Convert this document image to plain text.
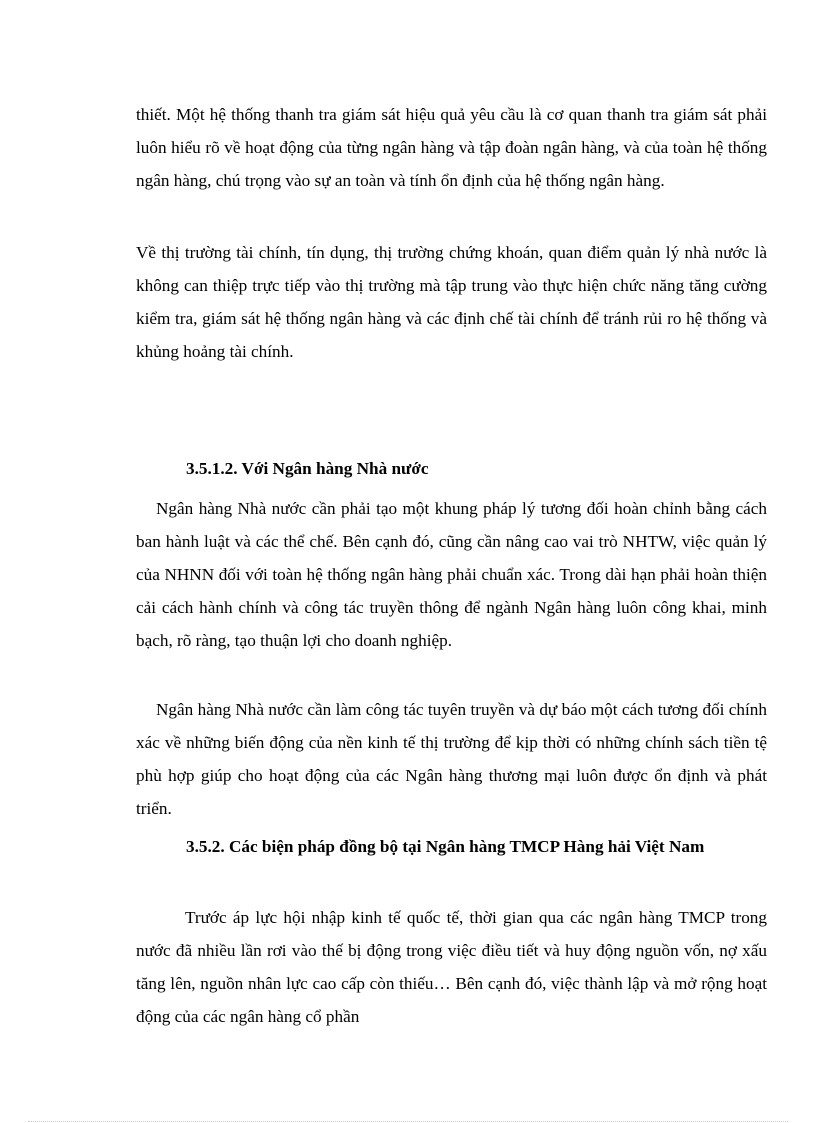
thiết. Một hệ thống thanh tra giám sát hiệu quả yêu cầu là cơ quan thanh tra giám sát phải luôn hiểu rõ về hoạt động của từng ngân hàng và tập đoàn ngân hàng, và của toàn hệ thống ngân hàng, chú trọng vào sự an toàn và tính ổn định của hệ thống ngân hàng.

Về thị trường tài chính, tín dụng, thị trường chứng khoán, quan điểm quản lý nhà nước là không can thiệp trực tiếp vào thị trường mà tập trung vào thực hiện chức năng tăng cường kiểm tra, giám sát hệ thống ngân hàng và các định chế tài chính để tránh rủi ro hệ thống và khủng hoảng tài chính.

3.5.1.2. Với Ngân hàng Nhà nước

Ngân hàng Nhà nước cần phải tạo một khung pháp lý tương đối hoàn chỉnh bằng cách ban hành luật và các thể chế. Bên cạnh đó, cũng cần nâng cao vai trò NHTW, việc quản lý của NHNN đối với toàn hệ thống ngân hàng phải chuẩn xác. Trong dài hạn phải hoàn thiện cải cách hành chính và công tác truyền thông để ngành Ngân hàng luôn công khai, minh bạch, rõ ràng, tạo thuận lợi cho doanh nghiệp.

Ngân hàng Nhà nước cần làm công tác tuyên truyền và dự báo một cách tương đối chính xác về những biến động của nền kinh tế thị trường để kịp thời có những chính sách tiền tệ phù hợp giúp cho hoạt động của các Ngân hàng thương mại luôn được ổn định và phát triển.

3.5.2. Các biện pháp đồng bộ tại Ngân hàng TMCP Hàng hải Việt Nam

Trước áp lực hội nhập kinh tế quốc tế, thời gian qua các ngân hàng TMCP trong nước đã nhiều lần rơi vào thế bị động trong việc điều tiết và huy động nguồn vốn, nợ xấu tăng lên, nguồn nhân lực cao cấp còn thiếu… Bên cạnh đó, việc thành lập và mở rộng hoạt động của các ngân hàng cổ phần
